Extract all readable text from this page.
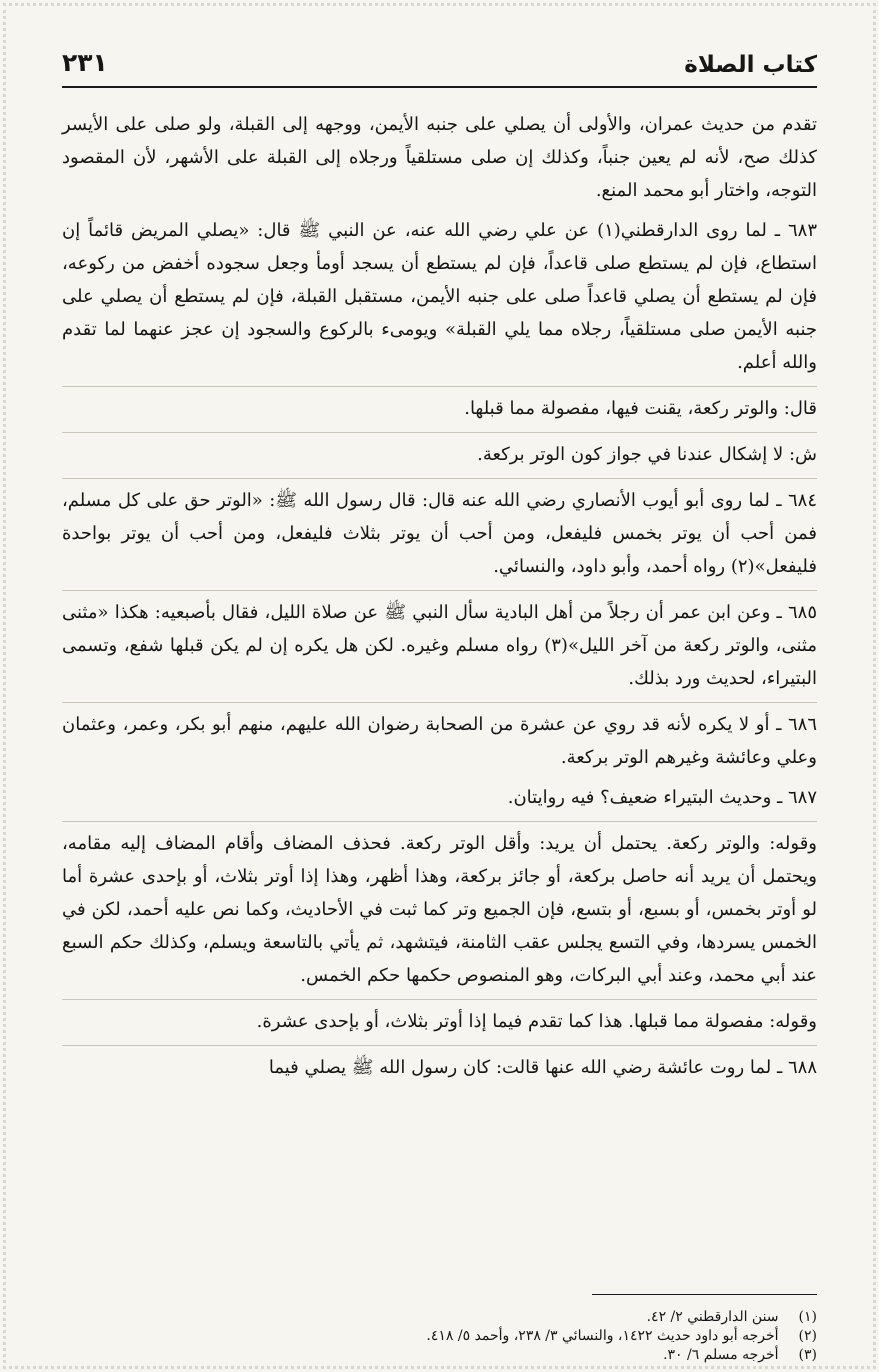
كتاب الصلاة
٢٣١

تقدم من حديث عمران، والأولى أن يصلي على جنبه الأيمن، ووجهه إلى القبلة، ولو صلى على الأيسر كذلك صح، لأنه لم يعين جنباً، وكذلك إن صلى مستلقياً ورجلاه إلى القبلة على الأشهر، لأن المقصود التوجه، واختار أبو محمد المنع.

٦٨٣ ـ لما روى الدارقطني(١) عن علي رضي الله عنه، عن النبي ﷺ قال: «يصلي المريض قائماً إن استطاع، فإن لم يستطع صلى قاعداً، فإن لم يستطع أن يسجد أومأ وجعل سجوده أخفض من ركوعه، فإن لم يستطع أن يصلي قاعداً صلى على جنبه الأيمن، مستقبل القبلة، فإن لم يستطع أن يصلي على جنبه الأيمن صلى مستلقياً، رجلاه مما يلي القبلة» ويومىء بالركوع والسجود إن عجز عنهما لما تقدم والله أعلم.

قال: والوتر ركعة، يقنت فيها، مفصولة مما قبلها.

ش: لا إشكال عندنا في جواز كون الوتر بركعة.

٦٨٤ ـ لما روى أبو أيوب الأنصاري رضي الله عنه قال: قال رسول الله ﷺ: «الوتر حق على كل مسلم، فمن أحب أن يوتر بخمس فليفعل، ومن أحب أن يوتر بثلاث فليفعل، ومن أحب أن يوتر بواحدة فليفعل»(٢) رواه أحمد، وأبو داود، والنسائي.

٦٨٥ ـ وعن ابن عمر أن رجلاً من أهل البادية سأل النبي ﷺ عن صلاة الليل، فقال بأصبعيه: هكذا «مثنى مثنى، والوتر ركعة من آخر الليل»(٣) رواه مسلم وغيره. لكن هل يكره إن لم يكن قبلها شفع، وتسمى البتيراء، لحديث ورد بذلك.

٦٨٦ ـ أو لا يكره لأنه قد روي عن عشرة من الصحابة رضوان الله عليهم، منهم أبو بكر، وعمر، وعثمان وعلي وعائشة وغيرهم الوتر بركعة.

٦٨٧ ـ وحديث البتيراء ضعيف؟ فيه روايتان.

وقوله: والوتر ركعة. يحتمل أن يريد: وأقل الوتر ركعة. فحذف المضاف وأقام المضاف إليه مقامه، ويحتمل أن يريد أنه حاصل بركعة، أو جائز بركعة، وهذا أظهر، وهذا إذا أوتر بثلاث، أو بإحدى عشرة أما لو أوتر بخمس، أو بسبع، أو بتسع، فإن الجميع وتر كما ثبت في الأحاديث، وكما نص عليه أحمد، لكن في الخمس يسردها، وفي التسع يجلس عقب الثامنة، فيتشهد، ثم يأتي بالتاسعة ويسلم، وكذلك حكم السبع عند أبي محمد، وعند أبي البركات، وهو المنصوص حكمها حكم الخمس.

وقوله: مفصولة مما قبلها. هذا كما تقدم فيما إذا أوتر بثلاث، أو بإحدى عشرة.

٦٨٨ ـ لما روت عائشة رضي الله عنها قالت: كان رسول الله ﷺ يصلي فيما

(١) سنن الدارقطني ٢/ ٤٢.

(٢) أخرجه أبو داود حديث ١٤٢٢، والنسائي ٣/ ٢٣٨، وأحمد ٥/ ٤١٨.

(٣) أخرجه مسلم ٦/ ٣٠.
